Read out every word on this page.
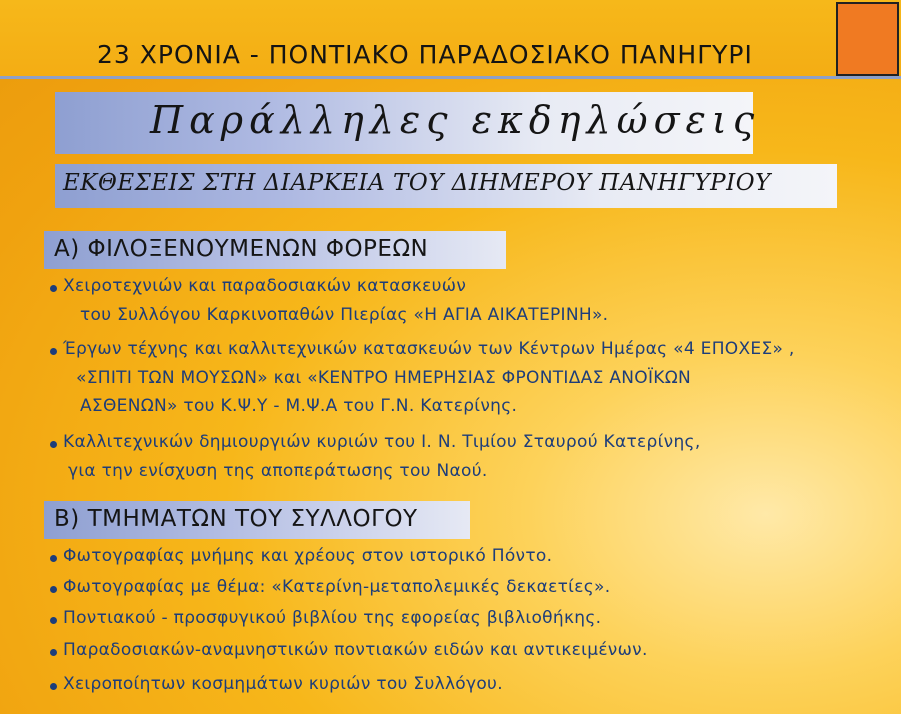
23 ΧΡΟΝΙΑ - ΠΟΝΤΙΑΚΟ ΠΑΡΑΔΟΣΙΑΚΟ ΠΑΝΗΓΥΡΙ
Παράλληλες εκδηλώσεις
ΕΚΘΕΣΕΙΣ ΣΤΗ ΔΙΑΡΚΕΙΑ ΤΟΥ ΔΙΗΜΕΡΟΥ ΠΑΝΗΓΥΡΙΟΥ
Α) ΦΙΛΟΞΕΝΟΥΜΕΝΩΝ ΦΟΡΕΩΝ
Χειροτεχνιών και παραδοσιακών κατασκευών
του Συλλόγου Καρκινοπαθών Πιερίας «Η ΑΓΙΑ ΑΙΚΑΤΕΡΙΝΗ».
Έργων τέχνης και καλλιτεχνικών κατασκευών των Κέντρων Ημέρας «4 ΕΠΟΧΕΣ» ,
«ΣΠΙΤΙ ΤΩΝ ΜΟΥΣΩΝ» και «ΚΕΝΤΡΟ ΗΜΕΡΗΣΙΑΣ ΦΡΟΝΤΙΔΑΣ ΑΝΟΪΚΩΝ
ΑΣΘΕΝΩΝ» του Κ.Ψ.Υ - Μ.Ψ.Α του Γ.Ν. Κατερίνης.
Καλλιτεχνικών δημιουργιών κυριών του Ι. Ν. Τιμίου Σταυρού Κατερίνης,
για την ενίσχυση της αποπεράτωσης του Ναού.
Β) ΤΜΗΜΑΤΩΝ ΤΟΥ ΣΥΛΛΟΓΟΥ
Φωτογραφίας μνήμης και χρέους στον ιστορικό Πόντο.
Φωτογραφίας με θέμα: «Κατερίνη-μεταπολεμικές δεκαετίες».
Ποντιακού - προσφυγικού βιβλίου της εφορείας βιβλιοθήκης.
Παραδοσιακών-αναμνηστικών ποντιακών ειδών και αντικειμένων.
Χειροποίητων κοσμημάτων κυριών του Συλλόγου.
